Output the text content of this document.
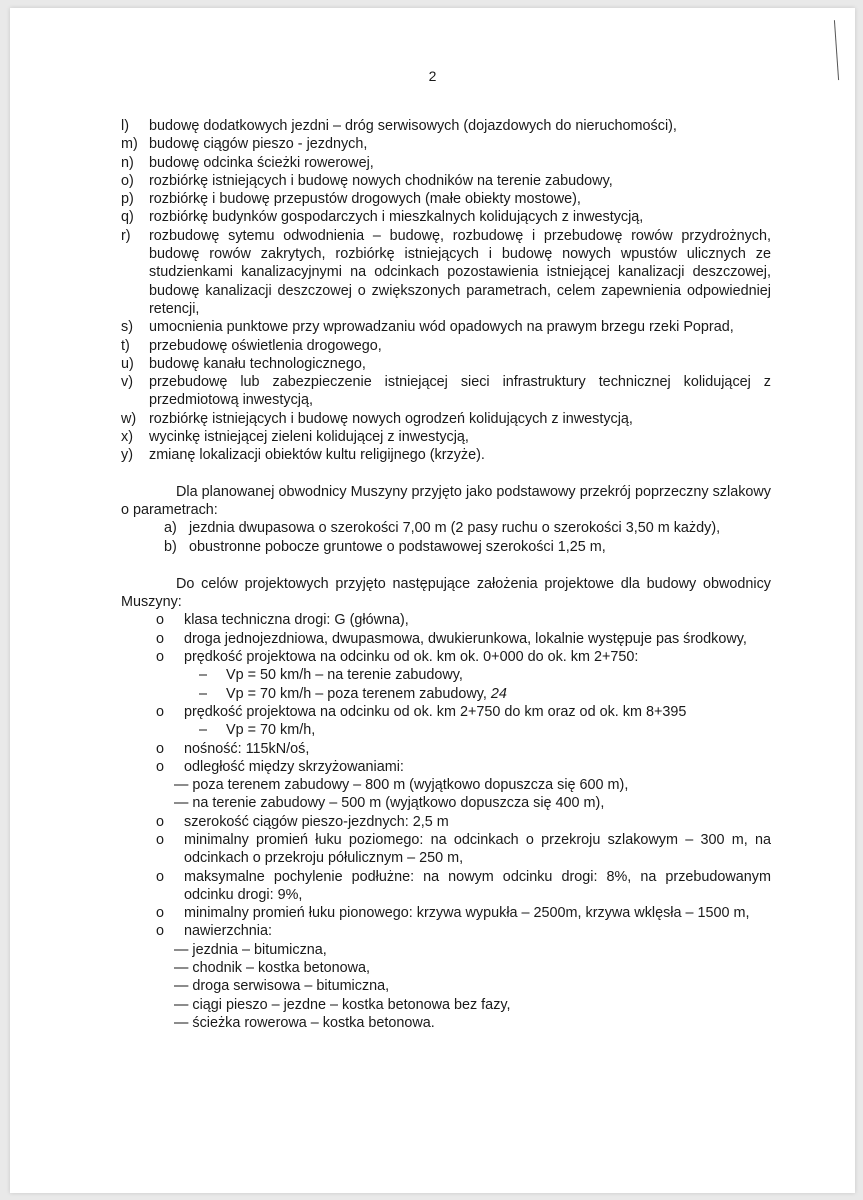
2
l)	budowę dodatkowych jezdni – dróg serwisowych (dojazdowych do nieruchomości),
m) budowę ciągów pieszo - jezdnych,
n)	budowę odcinka ścieżki rowerowej,
o)	rozbiórkę istniejących i budowę nowych chodników na terenie zabudowy,
p)	rozbiórkę i budowę przepustów drogowych (małe obiekty mostowe),
q)	rozbiórkę budynków gospodarczych i mieszkalnych kolidujących z inwestycją,
r)	rozbudowę sytemu odwodnienia – budowę, rozbudowę i przebudowę rowów przydrożnych, budowę rowów zakrytych, rozbiórkę istniejących i budowę nowych wpustów ulicznych ze studzienkami kanalizacyjnymi na odcinkach pozostawienia istniejącej kanalizacji deszczowej, budowę kanalizacji deszczowej o zwiększonych parametrach, celem zapewnienia odpowiedniej retencji,
s)	umocnienia punktowe przy wprowadzaniu wód opadowych na prawym brzegu rzeki Poprad,
t)	przebudowę oświetlenia drogowego,
u)	budowę kanału technologicznego,
v)	przebudowę lub zabezpieczenie istniejącej sieci infrastruktury technicznej kolidującej z przedmiotową inwestycją,
w) rozbiórkę istniejących i budowę nowych ogrodzeń kolidujących z inwestycją,
x)	wycinkę istniejącej zieleni kolidującej z inwestycją,
y)	zmianę lokalizacji obiektów kultu religijnego (krzyże).
Dla planowanej obwodnicy Muszyny przyjęto jako podstawowy przekrój poprzeczny szlakowy o parametrach:
a) jezdnia dwupasowa o szerokości 7,00 m (2 pasy ruchu o szerokości 3,50 m każdy),
b) obustronne pobocze gruntowe o podstawowej szerokości 1,25 m,
Do celów projektowych przyjęto następujące założenia projektowe dla budowy obwodnicy Muszyny:
o	klasa techniczna drogi: G (główna),
o	droga jednojezdniowa, dwupasmowa, dwukierunkowa, lokalnie występuje pas środkowy,
o	prędkość projektowa na odcinku od ok. km ok. 0+000 do ok. km 2+750:
–	Vp = 50 km/h – na terenie zabudowy,
–	Vp = 70 km/h – poza terenem zabudowy,
24
o	prędkość projektowa na odcinku od ok. km 2+750 do km oraz od ok. km 8+395
–	Vp = 70 km/h,
o	nośność: 115kN/oś,
o	odległość między skrzyżowaniami:
— poza terenem zabudowy – 800 m (wyjątkowo dopuszcza się 600 m),
— na terenie zabudowy – 500 m (wyjątkowo dopuszcza się 400 m),
o	szerokość ciągów pieszo-jezdnych: 2,5 m
o	minimalny promień łuku poziomego: na odcinkach o przekroju szlakowym – 300 m, na odcinkach o przekroju półulicznym – 250 m,
o	maksymalne pochylenie podłużne: na nowym odcinku drogi: 8%, na przebudowanym odcinku drogi: 9%,
o	minimalny promień łuku pionowego: krzywa wypukła – 2500m, krzywa wklęsła – 1500 m,
o	nawierzchnia:
— jezdnia – bitumiczna,
— chodnik – kostka betonowa,
— droga serwisowa – bitumiczna,
— ciągi pieszo – jezdne – kostka betonowa bez fazy,
— ścieżka rowerowa – kostka betonowa.
